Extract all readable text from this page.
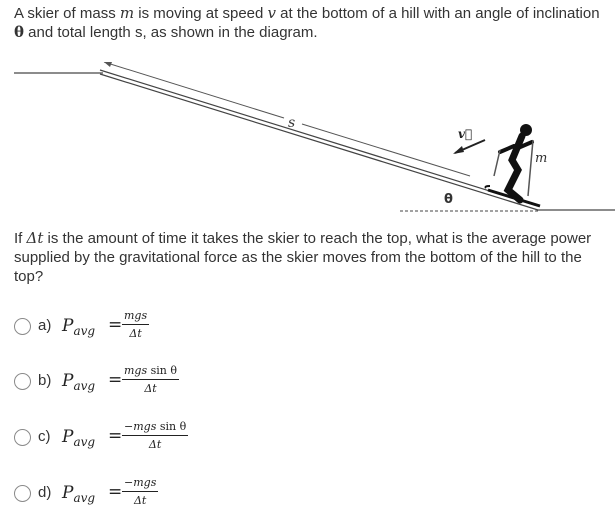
A skier of mass m is moving at speed v at the bottom of a hill with an angle of inclination θ and total length s, as shown in the diagram.

s
v⃗
m
θ

If Δt is the amount of time it takes the skier to reach the top, what is the average power supplied by the gravitational force as the skier moves from the bottom of the hill to the top?

a) $P_{avg}$ = mgs
Δt
b) $P_{avg}$ = mgs sin θ
Δt
c) $P_{avg} = -mgs$ sin θ
Δt
d) $P_{avg} = -mgs$
Δt
